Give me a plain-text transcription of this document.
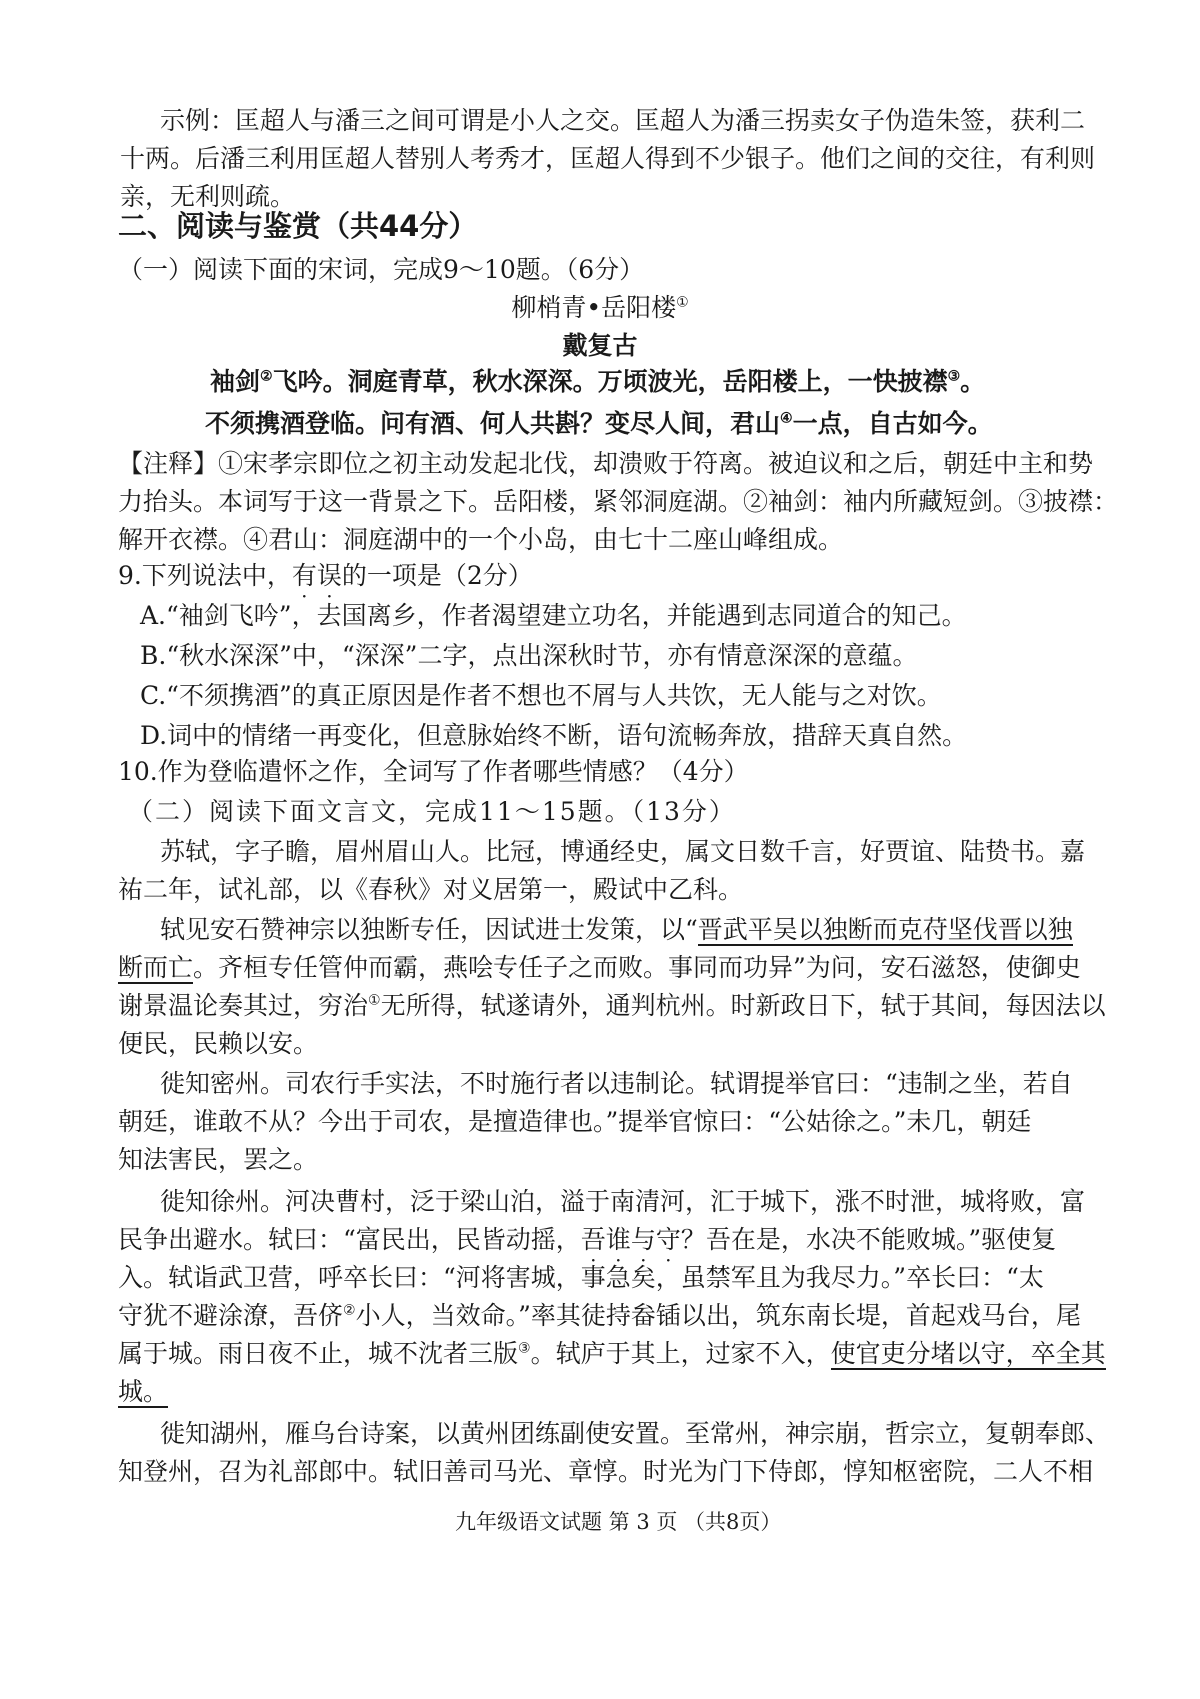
示例：匡超人与潘三之间可谓是小人之交。匡超人为潘三拐卖女子伪造朱签，获利二
十两。后潘三利用匡超人替别人考秀才，匡超人得到不少银子。他们之间的交往，有利则
亲，无利则疏。
二、阅读与鉴赏（共44分）
（一）阅读下面的宋词，完成9～10题。（6分）
柳梢青•岳阳楼①
戴复古
袖剑②飞吟。洞庭青草，秋水深深。万顷波光，岳阳楼上，一快披襟③。
不须携酒登临。问有酒、何人共斟？变尽人间，君山④一点，自古如今。
【注释】①宋孝宗即位之初主动发起北伐，却溃败于符离。被迫议和之后，朝廷中主和势
力抬头。本词写于这一背景之下。岳阳楼，紧邻洞庭湖。②袖剑：袖内所藏短剑。③披襟：
解开衣襟。④君山：洞庭湖中的一个小岛，由七十二座山峰组成。
9.下列说法中，有误的一项是（2分）
A.“袖剑飞吟”，去国离乡，作者渴望建立功名，并能遇到志同道合的知己。
B.“秋水深深”中，“深深”二字，点出深秋时节，亦有情意深深的意蕴。
C.“不须携酒”的真正原因是作者不想也不屑与人共饮，无人能与之对饮。
D.词中的情绪一再变化，但意脉始终不断，语句流畅奔放，措辞天真自然。
10.作为登临遣怀之作，全词写了作者哪些情感？（4分）
（二）阅读下面文言文，完成11～15题。（13分）
苏轼，字子瞻，眉州眉山人。比冠，博通经史，属文日数千言，好贾谊、陆贽书。嘉
祐二年，试礼部，以《春秋》对义居第一，殿试中乙科。
轼见安石赞神宗以独断专任，因试进士发策，以“晋武平吴以独断而克苻坚伐晋以独
断而亡。齐桓专任管仲而霸，燕哙专任子之而败。事同而功异”为问，安石滋怒，使御史
谢景温论奏其过，穷治①无所得，轼遂请外，通判杭州。时新政日下，轼于其间，每因法以
便民，民赖以安。
徙知密州。司农行手实法，不时施行者以违制论。轼谓提举官曰：“违制之坐，若自
朝廷，谁敢不从？今出于司农，是擅造律也。”提举官惊曰：“公姑徐之。”未几，朝廷
知法害民，罢之。
徙知徐州。河决曹村，泛于梁山泊，溢于南清河，汇于城下，涨不时泄，城将败，富
民争出避水。轼曰：“富民出，民皆动摇，吾谁与守？吾在是，水决不能败城。”驱使复
入。轼诣武卫营，呼卒长曰：“河将害城，事急矣，虽禁军且为我尽力。”卒长曰：“太
守犹不避涂潦，吾侪②小人，当效命。”率其徒持畚锸以出，筑东南长堤，首起戏马台，尾
属于城。雨日夜不止，城不沈者三版③。轼庐于其上，过家不入，使官吏分堵以守，卒全其
城。
徙知湖州，雁乌台诗案，以黄州团练副使安置。至常州，神宗崩，哲宗立，复朝奉郎、
知登州，召为礼部郎中。轼旧善司马光、章惇。时光为门下侍郎，惇知枢密院，二人不相
九年级语文试题 第 3 页 （共8页）
